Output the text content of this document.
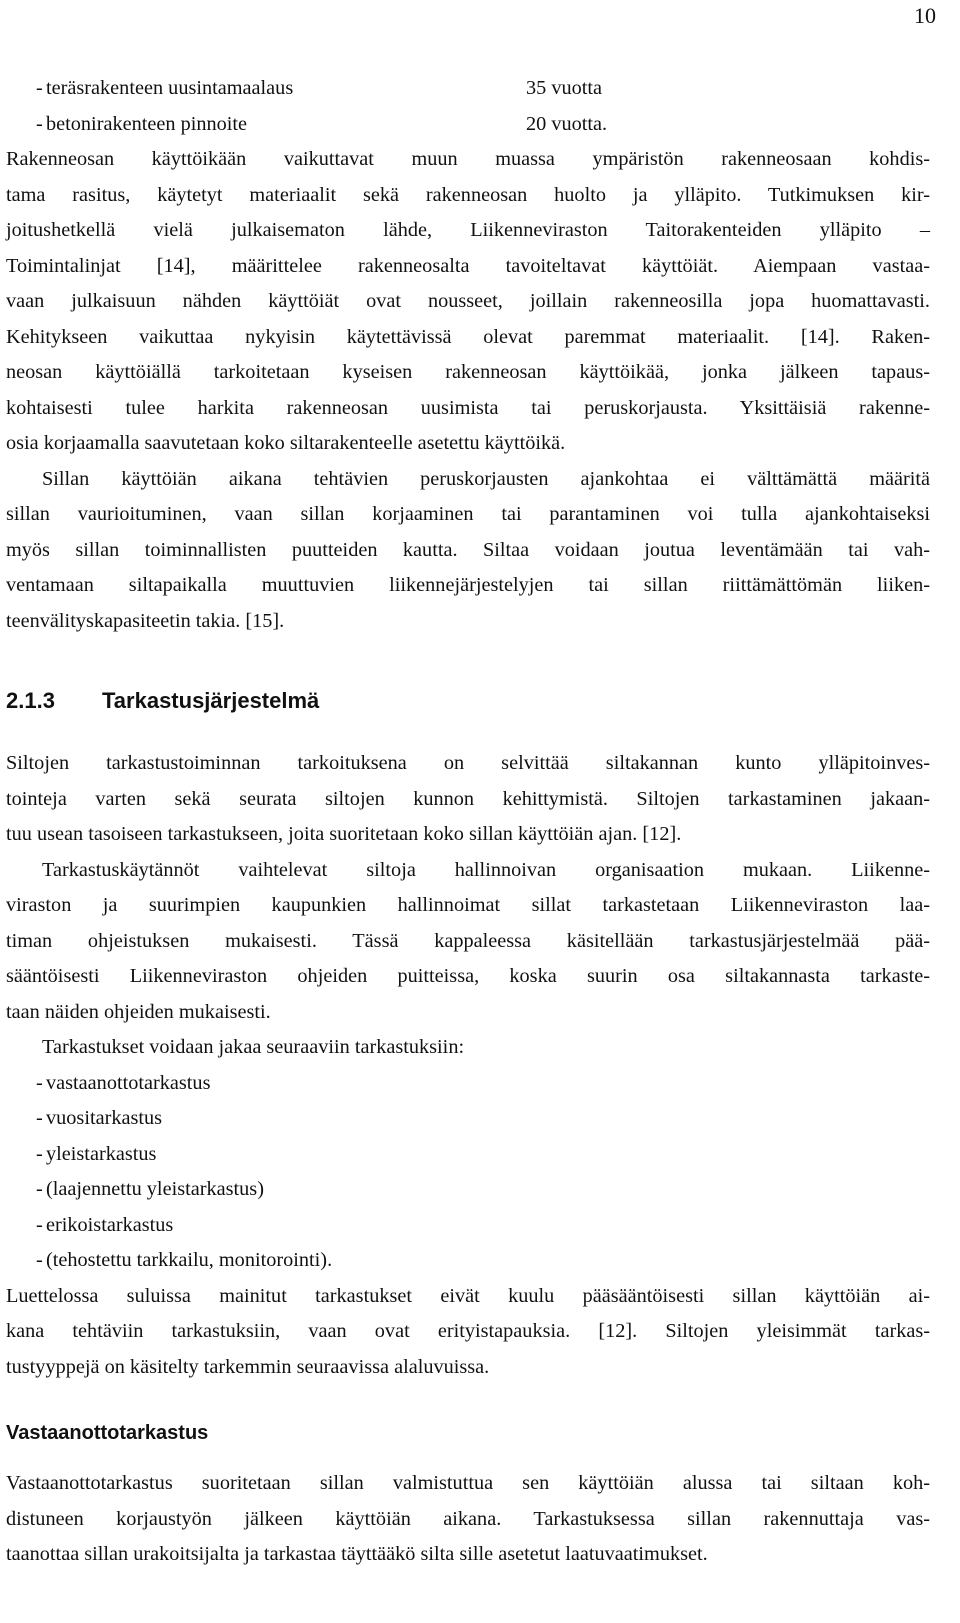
10
- teräsrakenteen uusintamaalaus	35 vuotta
- betonirakenteen pinnoite	20 vuotta.
Rakenneosan käyttöikään vaikuttavat muun muassa ympäristön rakenneosaan kohdis-
tama rasitus, käytetyt materiaalit sekä rakenneosan huolto ja ylläpito. Tutkimuksen kir-
joitushetkellä vielä julkaisematon lähde, Liikenneviraston Taitorakenteiden ylläpito –
Toimintalinjat [14], määrittelee rakenneosalta tavoiteltavat käyttöiät. Aiempaan vastaa-
vaan julkaisuun nähden käyttöiät ovat nousseet, joillain rakenneosilla jopa huomattavasti.
Kehitykseen vaikuttaa nykyisin käytettävissä olevat paremmat materiaalit. [14]. Raken-
neosan käyttöiällä tarkoitetaan kyseisen rakenneosan käyttöikää, jonka jälkeen tapaus-
kohtaisesti tulee harkita rakenneosan uusimista tai peruskorjausta. Yksittäisiä rakenne-
osia korjaamalla saavutetaan koko siltarakenteelle asetettu käyttöikä.
Sillan käyttöiän aikana tehtävien peruskorjausten ajankohtaa ei välttämättä määritä
sillan vaurioituminen, vaan sillan korjaaminen tai parantaminen voi tulla ajankohtaiseksi
myös sillan toiminnallisten puutteiden kautta. Siltaa voidaan joutua leventämään tai vah-
ventamaan siltapaikalla muuttuvien liikennejärjestelyjen tai sillan riittämättömän liiken-
teenvälityskapasiteetin takia. [15].
2.1.3 Tarkastusjärjestelmä
Siltojen tarkastustoiminnan tarkoituksena on selvittää siltakannan kunto ylläpitoinves-
tointeja varten sekä seurata siltojen kunnon kehittymistä. Siltojen tarkastaminen jakaan-
tuu usean tasoiseen tarkastukseen, joita suoritetaan koko sillan käyttöiän ajan. [12].
Tarkastuskäytännöt vaihtelevat siltoja hallinnoivan organisaation mukaan. Liikenne-
viraston ja suurimpien kaupunkien hallinnoimat sillat tarkastetaan Liikenneviraston laa-
timan ohjeistuksen mukaisesti. Tässä kappaleessa käsitellään tarkastusjärjestelmää pää-
sääntöisesti Liikenneviraston ohjeiden puitteissa, koska suurin osa siltakannasta tarkaste-
taan näiden ohjeiden mukaisesti.
Tarkastukset voidaan jakaa seuraaviin tarkastuksiin:
- vastaanottotarkastus
- vuositarkastus
- yleistarkastus
- (laajennettu yleistarkastus)
- erikoistarkastus
- (tehostettu tarkkailu, monitorointi).
Luettelossa suluissa mainitut tarkastukset eivät kuulu pääsääntöisesti sillan käyttöiän ai-
kana tehtäviin tarkastuksiin, vaan ovat erityistapauksia. [12]. Siltojen yleisimmät tarkas-
tustyyppejä on käsitelty tarkemmin seuraavissa alaluvuissa.
Vastaanottotarkastus
Vastaanottotarkastus suoritetaan sillan valmistuttua sen käyttöiän alussa tai siltaan koh-
distuneen korjaustyön jälkeen käyttöiän aikana. Tarkastuksessa sillan rakennuttaja vas-
taanottaa sillan urakoitsijalta ja tarkastaa täyttääkö silta sille asetetut laatuvaatimukset.
